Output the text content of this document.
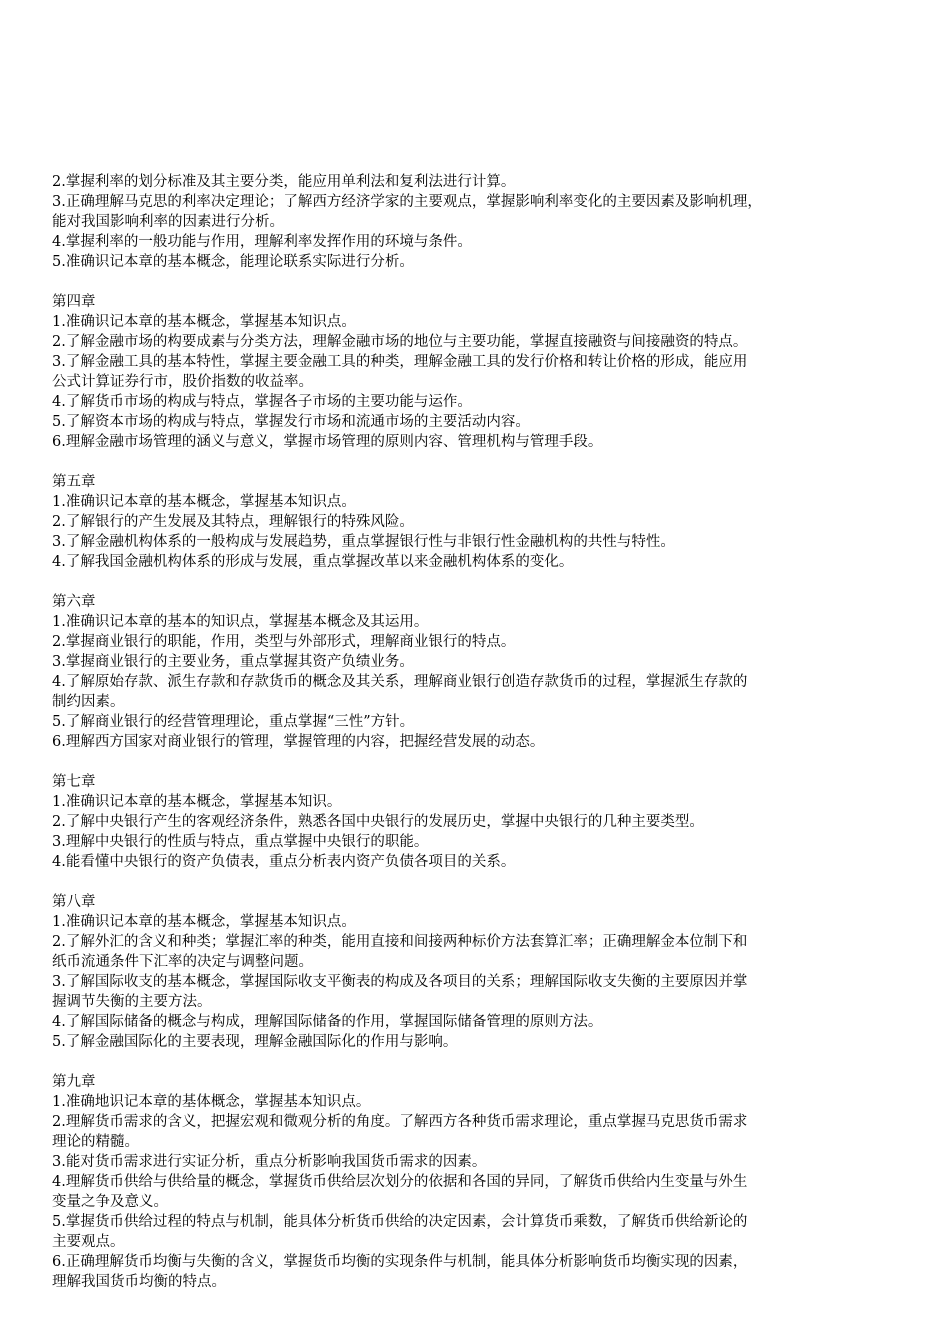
2.掌握利率的划分标准及其主要分类，能应用单利法和复利法进行计算。
3.正确理解马克思的利率决定理论；了解西方经济学家的主要观点，掌握影响利率变化的主要因素及影响机理，
能对我国影响利率的因素进行分析。
4.掌握利率的一般功能与作用，理解利率发挥作用的环境与条件。
5.准确识记本章的基本概念，能理论联系实际进行分析。
第四章
1.准确识记本章的基本概念，掌握基本知识点。
2.了解金融市场的构要成素与分类方法，理解金融市场的地位与主要功能，掌握直接融资与间接融资的特点。
3.了解金融工具的基本特性，掌握主要金融工具的种类，理解金融工具的发行价格和转让价格的形成，能应用
公式计算证券行市，股价指数的收益率。
4.了解货币市场的构成与特点，掌握各子市场的主要功能与运作。
5.了解资本市场的构成与特点，掌握发行市场和流通市场的主要活动内容。
6.理解金融市场管理的涵义与意义，掌握市场管理的原则内容、管理机构与管理手段。
第五章
1.准确识记本章的基本概念，掌握基本知识点。
2.了解银行的产生发展及其特点，理解银行的特殊风险。
3.了解金融机构体系的一般构成与发展趋势，重点掌握银行性与非银行性金融机构的共性与特性。
4.了解我国金融机构体系的形成与发展，重点掌握改革以来金融机构体系的变化。
第六章
1.准确识记本章的基本的知识点，掌握基本概念及其运用。
2.掌握商业银行的职能，作用，类型与外部形式，理解商业银行的特点。
3.掌握商业银行的主要业务，重点掌握其资产负绩业务。
4.了解原始存款、派生存款和存款货币的概念及其关系，理解商业银行创造存款货币的过程，掌握派生存款的
制约因素。
5.了解商业银行的经营管理理论，重点掌握“三性”方针。
6.理解西方国家对商业银行的管理，掌握管理的内容，把握经营发展的动态。
第七章
1.准确识记本章的基本概念，掌握基本知识。
2.了解中央银行产生的客观经济条件，熟悉各国中央银行的发展历史，掌握中央银行的几种主要类型。
3.理解中央银行的性质与特点，重点掌握中央银行的职能。
4.能看懂中央银行的资产负债表，重点分析表内资产负债各项目的关系。
第八章
1.准确识记本章的基本概念，掌握基本知识点。
2.了解外汇的含义和种类；掌握汇率的种类，能用直接和间接两种标价方法套算汇率；正确理解金本位制下和
纸币流通条件下汇率的决定与调整问题。
3.了解国际收支的基本概念，掌握国际收支平衡表的构成及各项目的关系；理解国际收支失衡的主要原因并掌
握调节失衡的主要方法。
4.了解国际储备的概念与构成，理解国际储备的作用，掌握国际储备管理的原则方法。
5.了解金融国际化的主要表现，理解金融国际化的作用与影响。
第九章
1.准确地识记本章的基体概念，掌握基本知识点。
2.理解货币需求的含义，把握宏观和微观分析的角度。了解西方各种货币需求理论，重点掌握马克思货币需求
理论的精髓。
3.能对货币需求进行实证分析，重点分析影响我国货币需求的因素。
4.理解货币供给与供给量的概念，掌握货币供给层次划分的依据和各国的异同，了解货币供给内生变量与外生
变量之争及意义。
5.掌握货币供给过程的特点与机制，能具体分析货币供给的决定因素，会计算货币乘数，了解货币供给新论的
主要观点。
6.正确理解货币均衡与失衡的含义，掌握货币均衡的实现条件与机制，能具体分析影响货币均衡实现的因素，
理解我国货币均衡的特点。
